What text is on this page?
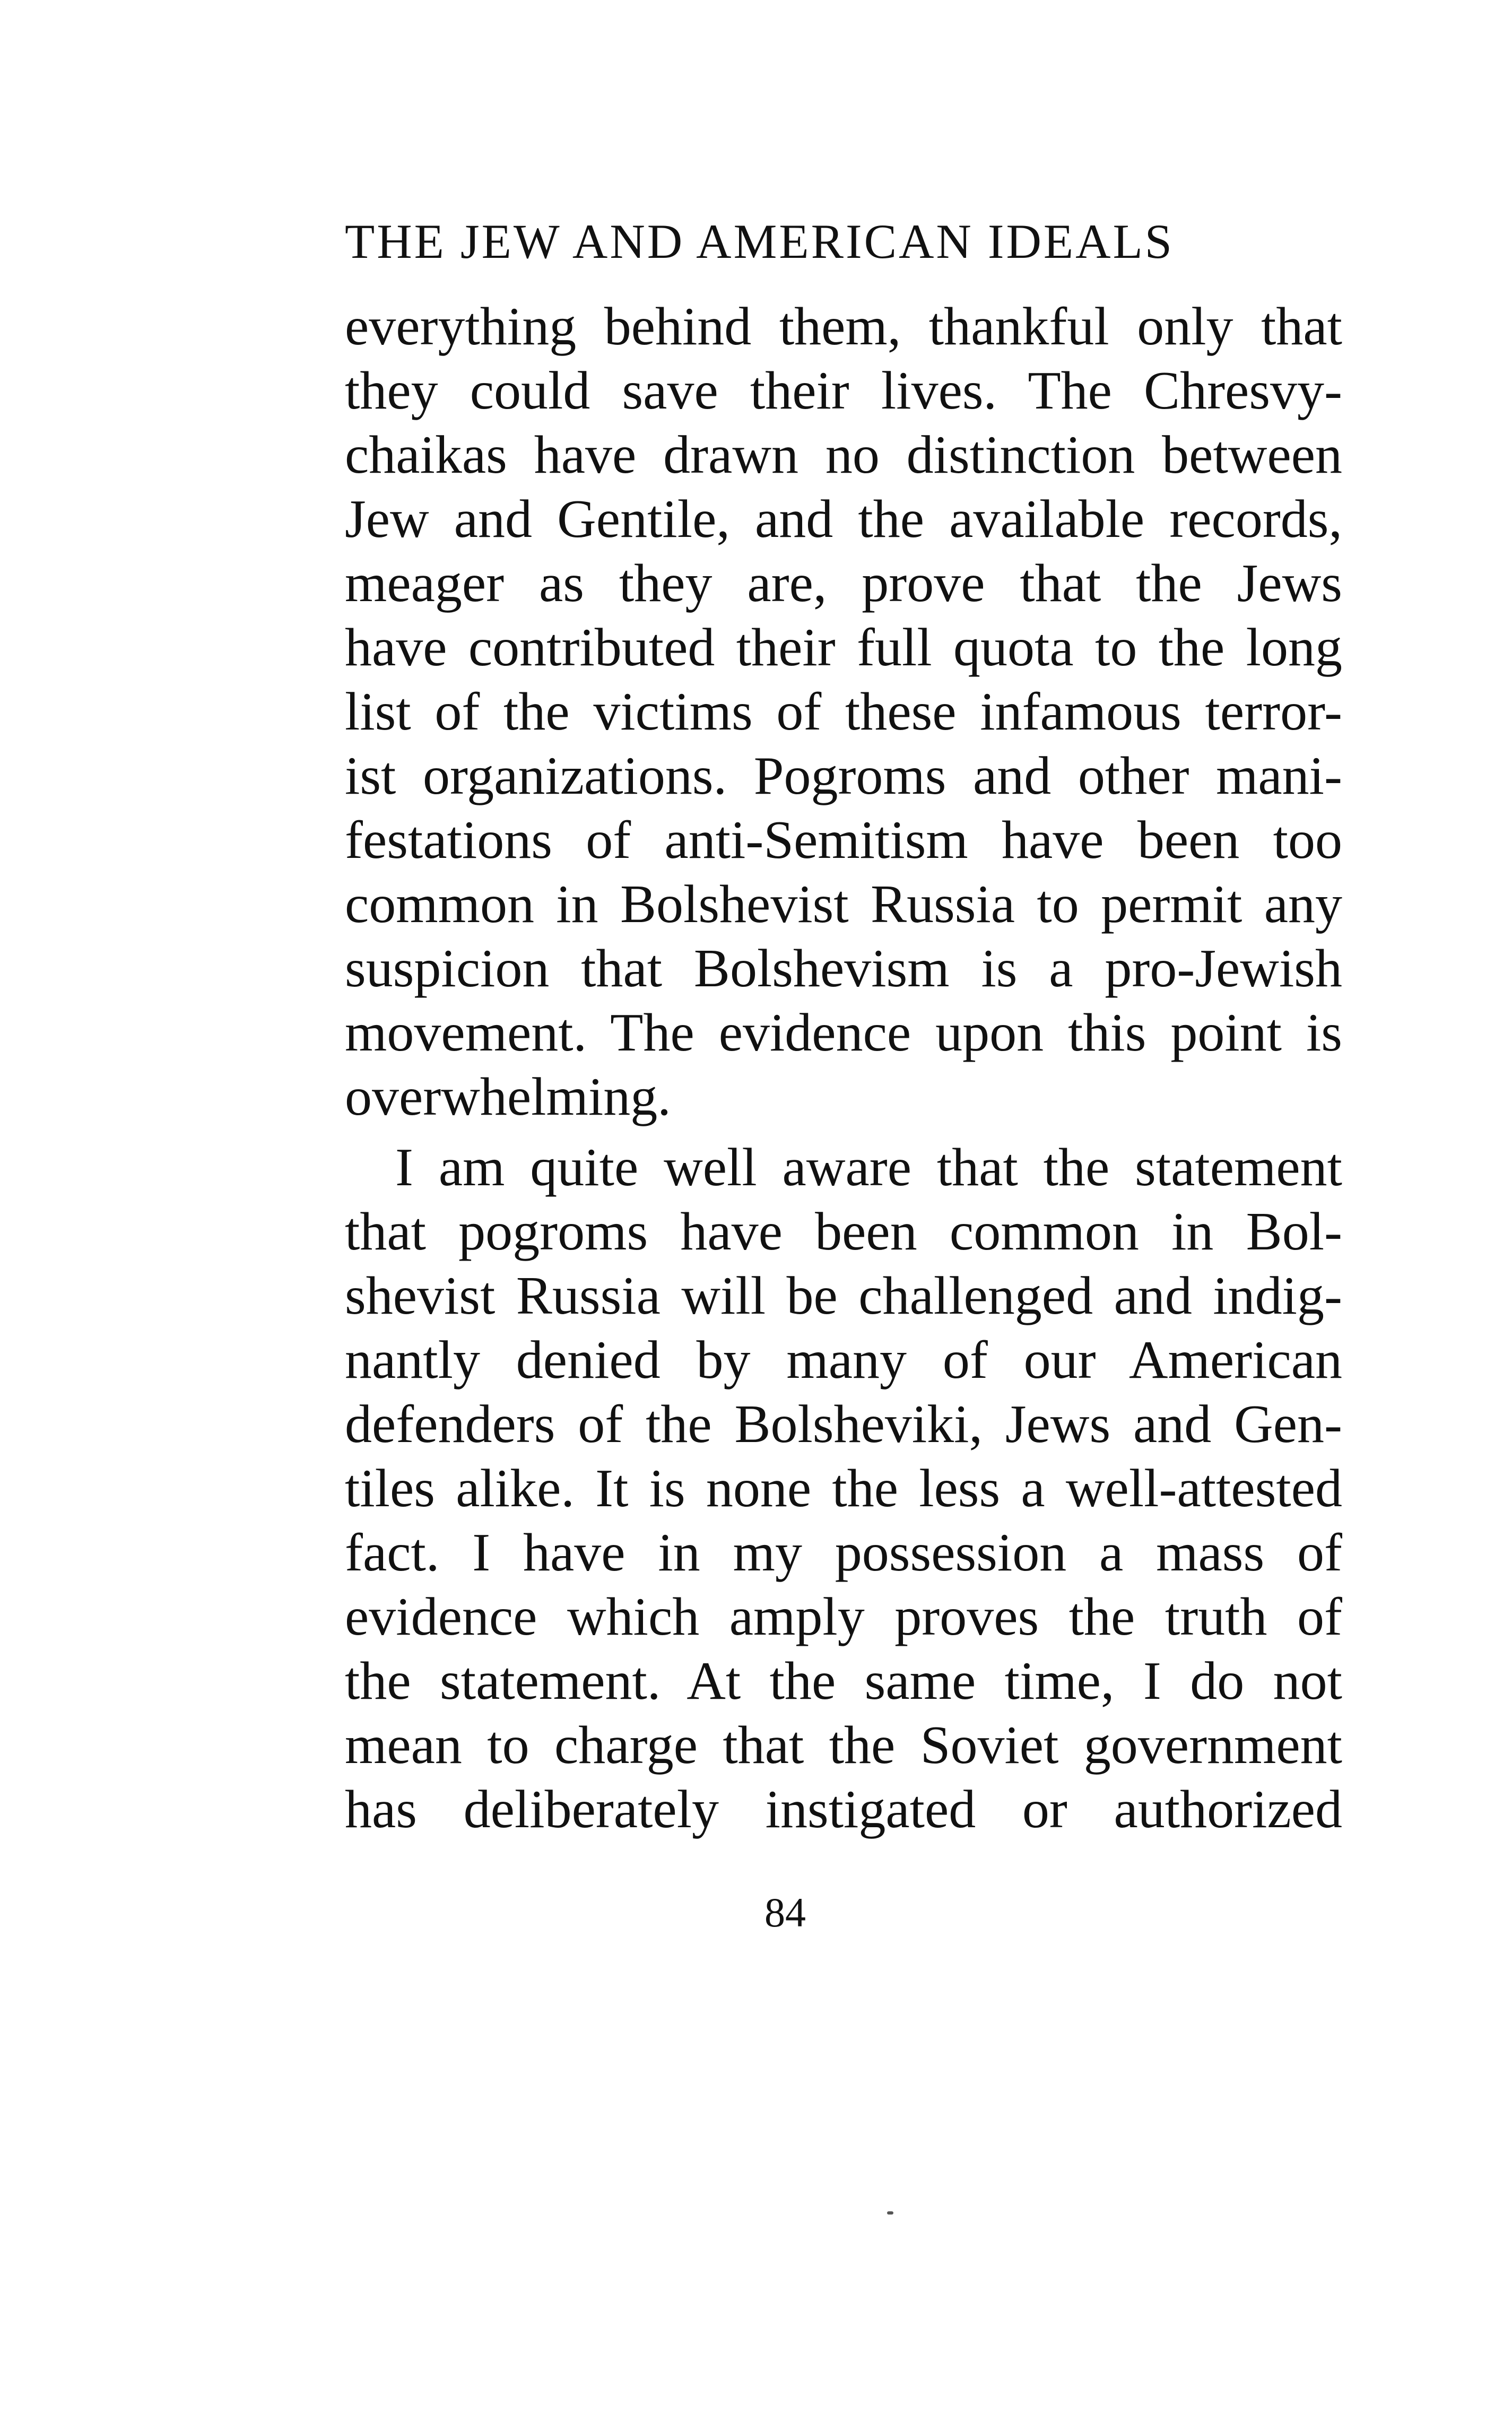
THE JEW AND AMERICAN IDEALS
everything behind them, thankful only that
they could save their lives. The Chresvy-
chaikas have drawn no distinction between
Jew and Gentile, and the available records,
meager as they are, prove that the Jews
have contributed their full quota to the long
list of the victims of these infamous terror-
ist organizations. Pogroms and other mani-
festations of anti-Semitism have been too
common in Bolshevist Russia to permit any
suspicion that Bolshevism is a pro-Jewish
movement. The evidence upon this point is
overwhelming.
I am quite well aware that the statement
that pogroms have been common in Bol-
shevist Russia will be challenged and indig-
nantly denied by many of our American
defenders of the Bolsheviki, Jews and Gen-
tiles alike. It is none the less a well-attested
fact. I have in my possession a mass of
evidence which amply proves the truth of
the statement. At the same time, I do not
mean to charge that the Soviet government
has deliberately instigated or authorized
84
